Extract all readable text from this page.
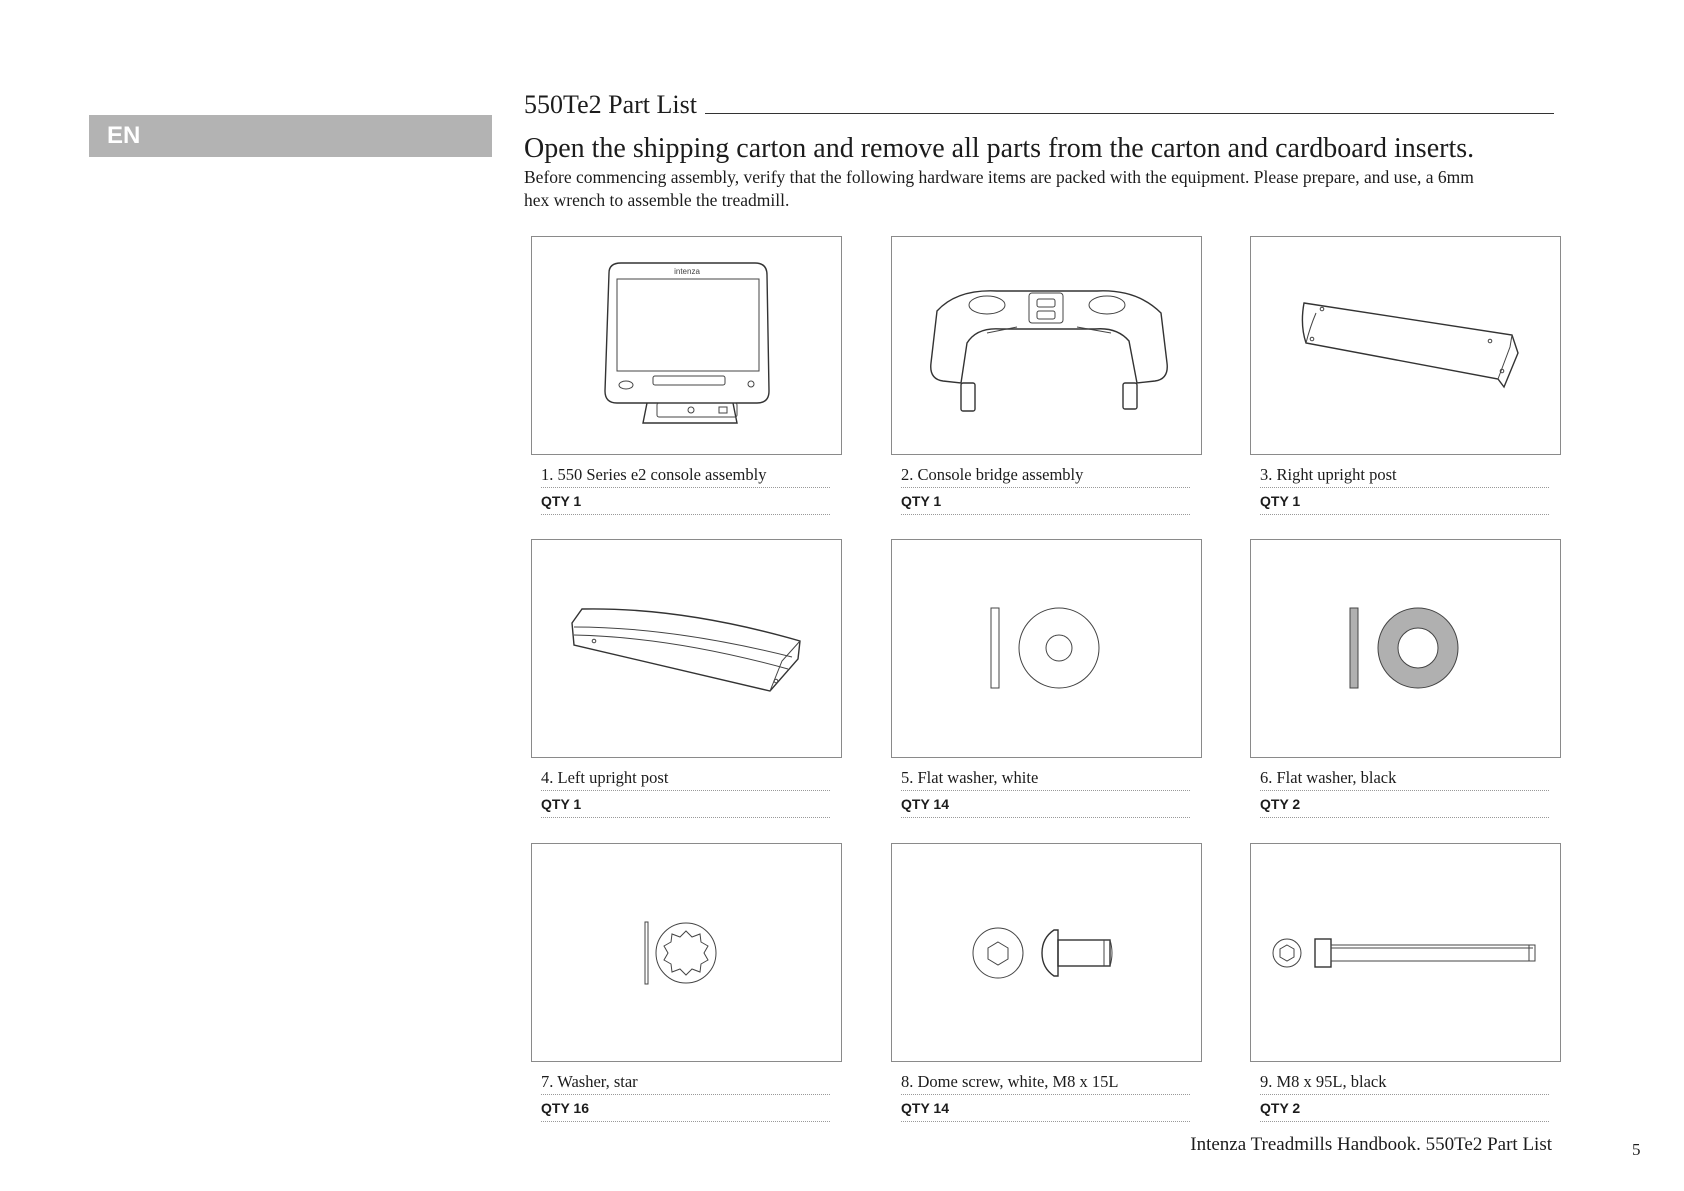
EN
550Te2 Part List
Open the shipping carton and remove all parts from the carton and cardboard inserts.
Before commencing assembly, verify that the following hardware items are packed with the equipment. Please prepare, and use, a 6mm hex wrench to assemble the treadmill.
intenza
1. 550 Series e2 console assembly
QTY 1
2. Console bridge assembly
QTY 1
3. Right upright post
QTY 1
4. Left upright post
QTY 1
5. Flat washer, white
QTY 14
6. Flat washer, black
QTY 2
7. Washer, star
QTY 16
8. Dome screw, white, M8 x 15L
QTY 14
9. M8 x 95L, black
QTY 2
Intenza Treadmills Handbook. 550Te2 Part List	5
